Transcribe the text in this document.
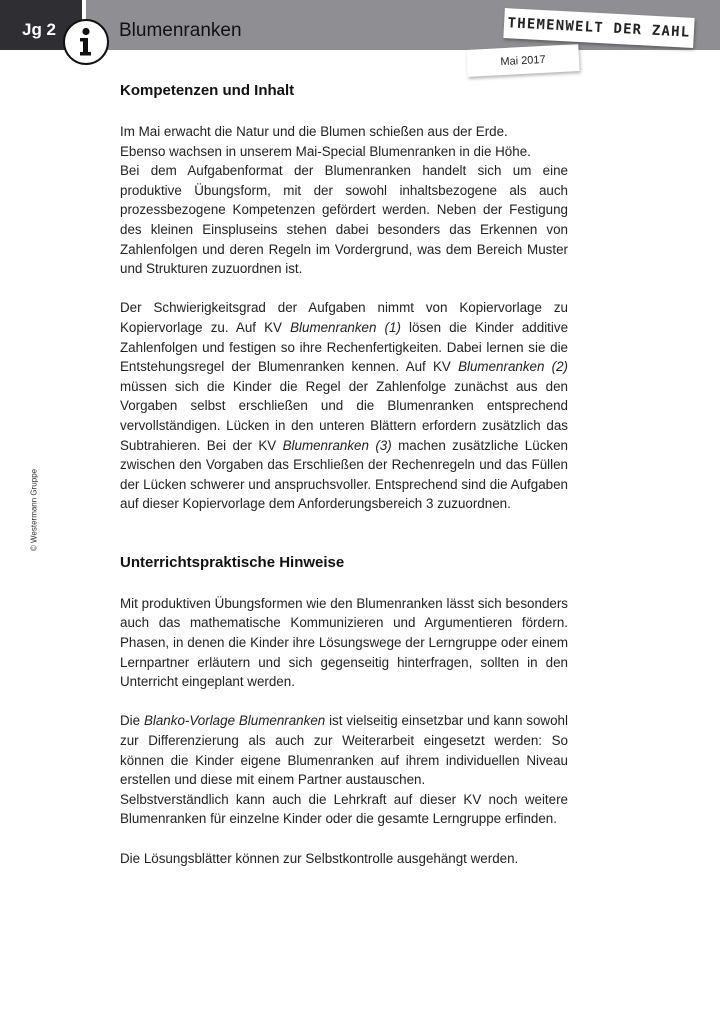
Jg 2	Blumenranken
Mai 2017
THEMENWELT DER ZAHL
© Westermann Gruppe
Kompetenzen und Inhalt

Im Mai erwacht die Natur und die Blumen schießen aus der Erde.

Ebenso wachsen in unserem Mai-Special Blumenranken in die Höhe.

Bei dem Aufgabenformat der Blumenranken handelt sich um eine produktive Übungsform, mit der sowohl inhaltsbezogene als auch prozessbezogene Kompetenzen gefördert werden. Neben der Festigung des kleinen Einspluseins stehen dabei besonders das Erkennen von Zahlenfolgen und deren Regeln im Vordergrund, was dem Bereich Muster und Strukturen zuzuordnen ist.

Der Schwierigkeitsgrad der Aufgaben nimmt von Kopiervorlage zu Kopiervorlage zu. Auf KV Blumenranken (1) lösen die Kinder additive Zahlenfolgen und festigen so ihre Rechenfertigkeiten. Dabei lernen sie die Entstehungsregel der Blumenranken kennen. Auf KV Blumenranken (2) müssen sich die Kinder die Regel der Zahlenfolge zunächst aus den Vorgaben selbst erschließen und die Blumenranken entsprechend vervollständigen. Lücken in den unteren Blättern erfordern zusätzlich das Subtrahieren. Bei der KV Blumenranken (3) machen zusätzliche Lücken zwischen den Vorgaben das Erschließen der Rechenregeln und das Füllen der Lücken schwerer und anspruchsvoller. Entsprechend sind die Aufgaben auf dieser Kopiervorlage dem Anforderungsbereich 3 zuzuordnen.

Unterrichtspraktische Hinweise

Mit produktiven Übungsformen wie den Blumenranken lässt sich besonders auch das mathematische Kommunizieren und Argumentieren fördern. Phasen, in denen die Kinder ihre Lösungswege der Lerngruppe oder einem Lernpartner erläutern und sich gegenseitig hinterfragen, sollten in den Unterricht eingeplant werden.

Die Blanko-Vorlage Blumenranken ist vielseitig einsetzbar und kann sowohl zur Differenzierung als auch zur Weiterarbeit eingesetzt werden: So können die Kinder eigene Blumenranken auf ihrem individuellen Niveau erstellen und diese mit einem Partner austauschen.

Selbstverständlich kann auch die Lehrkraft auf dieser KV noch weitere Blumenranken für einzelne Kinder oder die gesamte Lerngruppe erfinden.

Die Lösungsblätter können zur Selbstkontrolle ausgehängt werden.
